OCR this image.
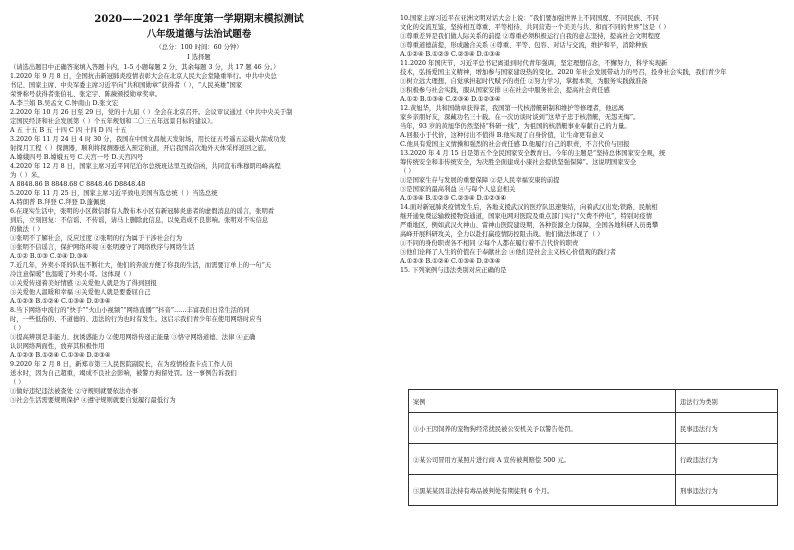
2020——2021 学年度第一学期期末模拟测试

八年级道德与法治试题卷

（总分：100 时间：60 分钟）

I 选择题

（请选出题目中正确答案填入答题卡内，1-5 小题每题 2 分，其余每题 3 分，共 17 题 46 分。）

1.2020 年 9 月 8 日，全国抗击新冠肺炎疫情表彰大会在北京人民大会堂隆重举行。中共中央总

书记、国家主席、中央军委主席习近平向“共和国勋章”获得者（ ），“人民英雄”国家

荣誉称号获得者张伯礼、张定宇、陈薇颁授勋章奖章。

A.李兰娟 B.吴孟文 C.钟南山 D.张文宏

2.2020 年 10 月 26 日至 29 日，党的十九届（ ）全会在北京召开。会议审议通过《中共中央关于制

定国民经济和社会发展第（ ）个五年规划和二〇三五年远景目标的建议》。

A 五 十五 B 五 十四 C 四 十四 D 四 十五

3.2020 年 11 月 24 日 4 时 30 分，我国在中国文昌航天发射场，用长征五号遥五运载火箭成功发

射探月工程（ ）探测器，顺利将探测器送入预定轨道，开启我国首次地外天体采样返回之旅。

A.嫦娥四号 B.嫦娥五号 C.天宫一号 D.天宫四号

4.2020 年 12 月 8 日，国家主席习近平同尼泊尔总统班达里互致信函，共同宣布珠穆朗玛峰高程

为（ ）米。

A 8848.86 B 8848.68 C 8848.46 D8848.48

5.2020 年 11 月 25 日，国家主席习近平致电美国当选总统（ ）当选总统

A.特朗普 B.拜登 C.拜登 D.蓬佩奥

6.在现实生活中，张明的小区微信群有人散布本小区有新冠肺炎患者的虚假消息的谣言，张明看

到后，立刻回复：不信谣、不传谣，请马上删除此信息，以免造成不良影响。张明对不实信息

的做法（ ）

①张明不了解社会，反应过度 ②张明的行为属于干涉社会行为

③张明不信谣言，保护网络环境 ④张明遵守了网络秩序与网络生活

A.①② B.①③ C.②④ D.③④

7.近几年，外卖小哥的队伍不断壮大，他们的奔波方便了你我的生活，而需要订单上的一句“天

冷注意保暖”也温暖了外卖小哥。这体现（ ）

①关爱传递着美好情感 ②关爱他人就是为了得到回报

③关爱他人温暖和幸福 ④关爱他人就是要委屈自己

A.①②③ B.①②④ C.①③④ D.②③④

8.当下网络中流行的“快手”“火山小视频”“网络直播”“抖音”……丰富我们日常生活的同

时，一些低俗的、不道德的、违法的行为也时有发生。这启示我们青少年在使用网络时应当

（ ）

①提高辨别是非能力、抗诱惑能力 ②使用网络传递正能量 ③恪守网络道德、法律 ④正确

认识网络两面性，放弃其积极作用

A.①②③ B.①②④ C.①③④ D.②③④

9.2020 年 2 月 8 日，新郑市第三人民医院副院长，在为疫情检查卡点工作人员

送水时，因为自己超重，竭成不良社会影响，被警方拘留处罚。这一事例告诉我们

（ ）

①做好违纪违法被查处 ②守规则就要依法办事

③社会生活需要规则保护 ④遵守规则就要自觉履行最低行为

10.国家主席习近平在亚洲文明对话大会上说：“我们要加强世界上不同国度、不同民族、不同

文化的交流互鉴，坚持相互尊重、平等相待、共同营造一个美美与共、和而不同的世界”这是（ ）

①尊重差异是我们做人际关系的前提 ②尊重必须积极运行自我的意志坚持，提高社会文明程度

③尊重道德前提，形成融合关系 ④尊重、平等、包容、对话与交流，维护和平，消除种族

A.①②④ B.①②③ C.②③④ D.①③④

11.2020 年国庆节，习近平总书记离退到时代青年强调，坚定理想信念，不懈努力，科学实现新

技术，弘扬爱国主义精神，增加参与国家建设热的变化。2020 年社会发展带动力的号召，投身社会实践，我们青少年

①树立远大理想，自觉承担起时代赋予的责任 ②努力学习，掌握本领，为服务实践做准备

③积极参与社会实践，服从国家安排 ④在社会中服务社会，提高社会责任感

A.①② B.①③④ C.②③④ D.①②③④

12.黄旭华，共和国勋章获得者，我国第一代核潜艇研制和维护等修理者，他远离

家乡亲朋好友，深藏功名三十载。在一次访谈时谈到“这辈子忠于核潜艇，无怨无悔”。

当年，93 岁的黄旭华仍然坚持“科研一线”，为祖国的核潜艇事业奉献自己的力量。

A.回报小于代价，这种付出不值得 B.他实现了自身价值，让生命更有意义

C.他具有爱国主义情操和强烈的社会责任感 D.他履行自己的职责，不言代价与回报

13.2020 年 4 月 15 日是第五个全民国家安全教育日。今年的主题是“坚持总体国家安全观，统

筹传统安全和非传统安全，为决胜全面建成小康社会提供坚强保障”。这说明国家安全

（ ）

①是国家生存与发展的重要保障 ②是人民幸福安康的前提

③是国家的最高利益 ④与每个人息息相关

A.①③④ B.①②③ C.②③④ D.①②③④

14.面对新冠肺炎疫情发生后，各地支援武汉的医疗队迅速集结，向着武汉出发;铁路、民航相

继开通免费运输救援物资通道，国家电网对医院及重点部门实行“欠费不停电”，特别对疫情

严重地区，例如武汉火神山、雷神山医院建设期，各种资源全力保障，全国各地科研人员勇攀

高峰开展科研攻关，全力以赴打赢疫情防控阻击战。他们做法体现了（ ）

①不同的身份职责各不相同 ②每个人都在履行着不言代价的职责

③他们诠释了人生的价值在于奉献社会 ④他们是社会主义核心价值观的践行者

A.①②③ B.①②④ C.①③④ D.②③④

15. 下列案例与违法类别对应正确的是

案例	违法行为类别
①小王因饲养的宠物狗经常扰民被公安机关予以警告处罚。	民事违法行为
②某公司冒用方某照片进行商 A 宣传被判赔偿 500 元。	行政违法行为
③黑某某因非法持有毒品被判处有期徒刑 6 个月。	刑事违法行为
